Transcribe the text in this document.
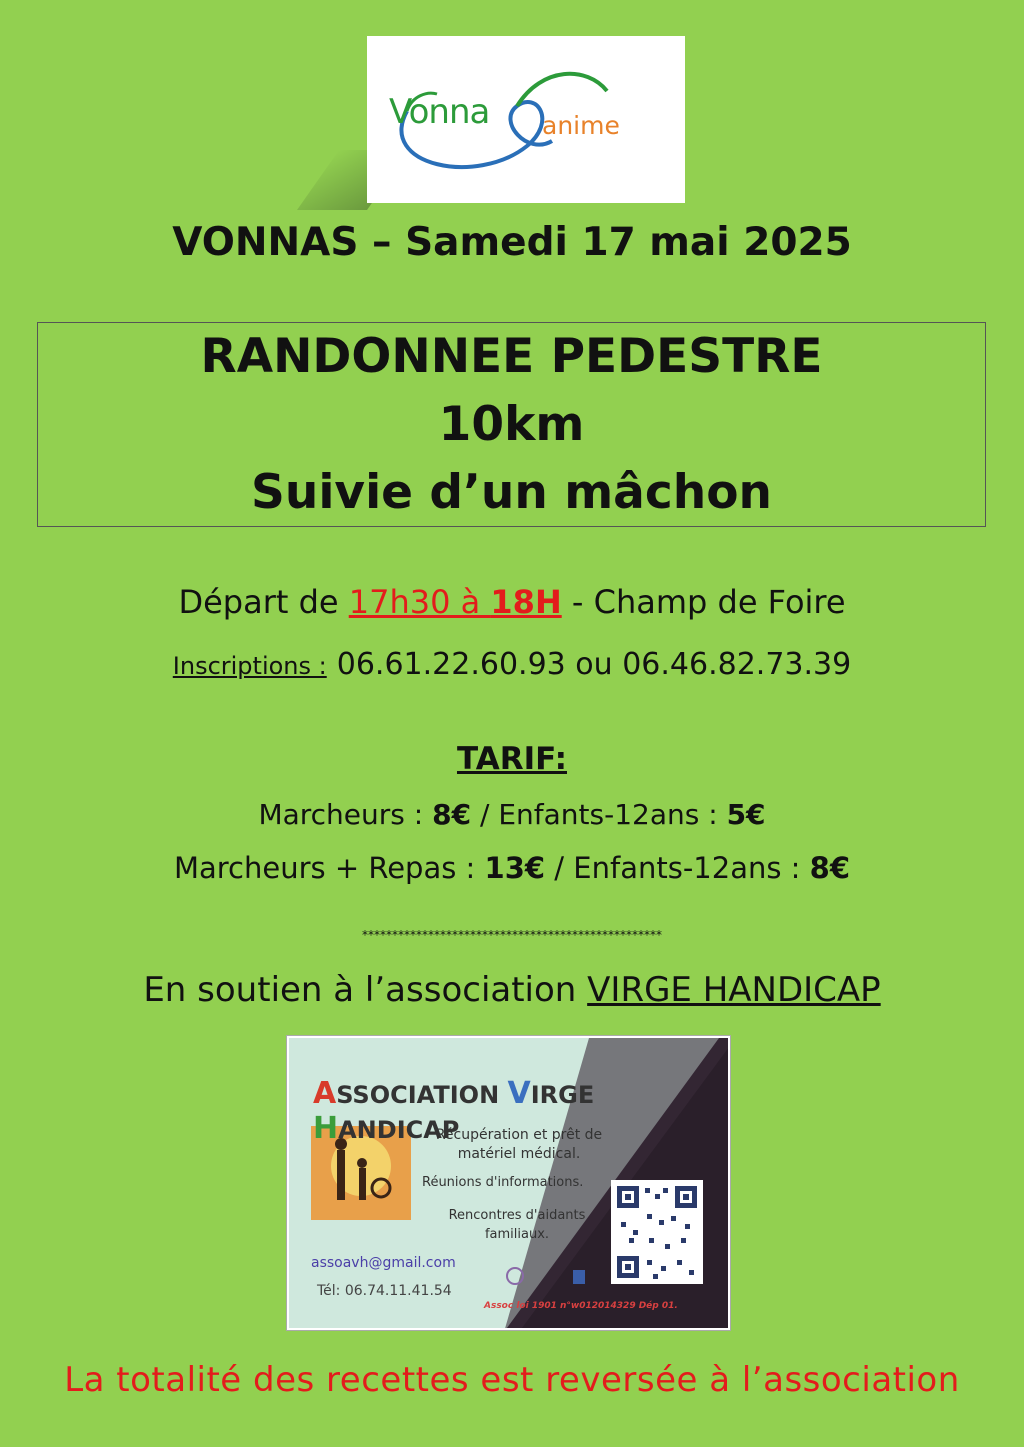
Vonna anime
VONNAS – Samedi 17 mai 2025
RANDONNEE PEDESTRE
10km
Suivie d’un mâchon
Départ de 17h30 à 18H - Champ de Foire
Inscriptions : 06.61.22.60.93 ou 06.46.82.73.39
TARIF:
Marcheurs : 8€ / Enfants-12ans : 5€
Marcheurs + Repas : 13€ / Enfants-12ans : 8€
**************************************************
En soutien à l’association VIRGE HANDICAP
ASSOCIATION VIRGE HANDICAP
Récupération et prêt de matériel médical.
Réunions d'informations.
Rencontres d'aidants familiaux.
assoavh@gmail.com
Tél: 06.74.11.41.54
Assoc loi 1901 n°w012014329 Dép 01.
La totalité des recettes est reversée à l’association
